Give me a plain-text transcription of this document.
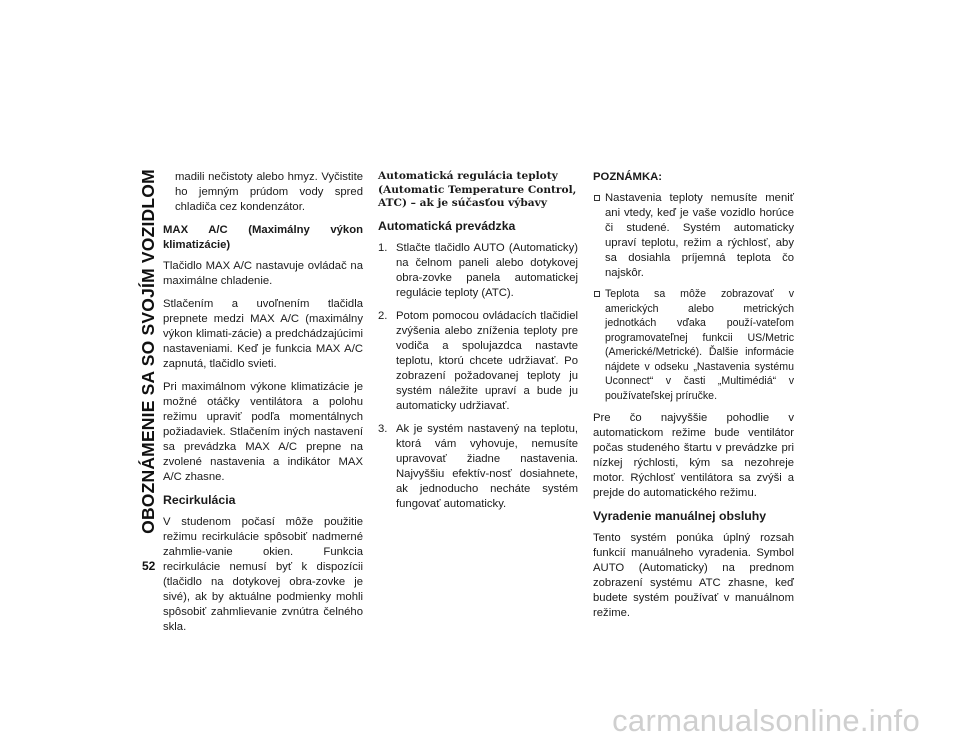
OBOZNÁMENIE SA SO SVOJÍM VOZIDLOM
52

madili nečistoty alebo hmyz. Vyčistite ho jemným prúdom vody spred chladiča cez kondenzátor.

MAX A/C (Maximálny výkon klimatizácie)

Tlačidlo MAX A/C nastavuje ovládač na maximálne chladenie.

Stlačením a uvoľnením tlačidla prepnete medzi MAX A/C (maximálny výkon klimati-zácie) a predchádzajúcimi nastaveniami. Keď je funkcia MAX A/C zapnutá, tlačidlo svieti.

Pri maximálnom výkone klimatizácie je možné otáčky ventilátora a polohu režimu upraviť podľa momentálnych požiadaviek. Stlačením iných nastavení sa prevádzka MAX A/C prepne na zvolené nastavenia a indikátor MAX A/C zhasne.

Recirkulácia

V studenom počasí môže použitie režimu recirkulácie spôsobiť nadmerné zahmlie-vanie okien. Funkcia recirkulácie nemusí byť k dispozícii (tlačidlo na dotykovej obra-zovke je sivé), ak by aktuálne podmienky mohli spôsobiť zahmlievanie zvnútra čelného skla.

Automatická regulácia teploty (Automatic Temperature Control, ATC) – ak je súčasťou výbavy
Automatická prevádzka
1. Stlačte tlačidlo AUTO (Automaticky) na čelnom paneli alebo dotykovej obra-zovke panela automatickej regulácie teploty (ATC).
2. Potom pomocou ovládacích tlačidiel zvýšenia alebo zníženia teploty pre vodiča a spolujazdca nastavte teplotu, ktorú chcete udržiavať. Po zobrazení požadovanej teploty ju systém náležite upraví a bude ju automaticky udržiavať.
3. Ak je systém nastavený na teplotu, ktorá vám vyhovuje, nemusíte upravovať žiadne nastavenia. Najvyššiu efektív-nosť dosiahnete, ak jednoducho necháte systém fungovať automaticky.

POZNÁMKA:

Nastavenia teploty nemusíte meniť ani vtedy, keď je vaše vozidlo horúce či studené. Systém automaticky upraví teplotu, režim a rýchlosť, aby sa dosiahla príjemná teplota čo najskôr.
Teplota sa môže zobrazovať v amerických alebo metrických jednotkách vďaka použí-vateľom programovateľnej funkcii US/Metric (Americké/Metrické). Ďalšie informácie nájdete v odseku „Nastavenia systému Uconnect“ v časti „Multimédiá“ v používateľskej príručke.

Pre čo najvyššie pohodlie v automatickom režime bude ventilátor počas studeného štartu v prevádzke pri nízkej rýchlosti, kým sa nezohreje motor. Rýchlosť ventilátora sa zvýši a prejde do automatického režimu.

Vyradenie manuálnej obsluhy

Tento systém ponúka úplný rozsah funkcií manuálneho vyradenia. Symbol AUTO (Automaticky) na prednom zobrazení systému ATC zhasne, keď budete systém používať v manuálnom režime.

carmanualsonline.info
